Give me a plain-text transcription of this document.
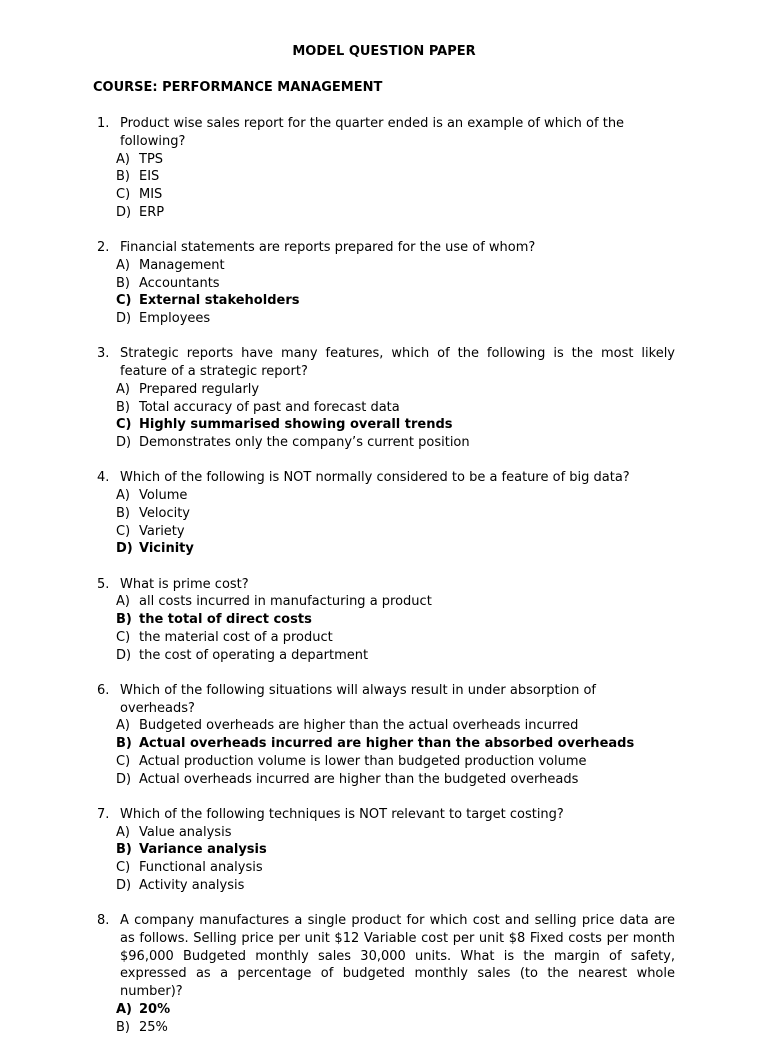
MODEL QUESTION PAPER
COURSE: PERFORMANCE MANAGEMENT
1. Product wise sales report for the quarter ended is an example of which of the following?
A) TPS
B) EIS
C) MIS
D) ERP
2. Financial statements are reports prepared for the use of whom?
A) Management
B) Accountants
C) External stakeholders
D) Employees
3. Strategic reports have many features, which of the following is the most likely feature of a strategic report?
A) Prepared regularly
B) Total accuracy of past and forecast data
C) Highly summarised showing overall trends
D) Demonstrates only the company’s current position
4. Which of the following is NOT normally considered to be a feature of big data?
A) Volume
B) Velocity
C) Variety
D) Vicinity
5. What is prime cost?
A) all costs incurred in manufacturing a product
B) the total of direct costs
C) the material cost of a product
D) the cost of operating a department
6. Which of the following situations will always result in under absorption of overheads?
A) Budgeted overheads are higher than the actual overheads incurred
B) Actual overheads incurred are higher than the absorbed overheads
C) Actual production volume is lower than budgeted production volume
D) Actual overheads incurred are higher than the budgeted overheads
7. Which of the following techniques is NOT relevant to target costing?
A) Value analysis
B) Variance analysis
C) Functional analysis
D) Activity analysis
8. A company manufactures a single product for which cost and selling price data are as follows. Selling price per unit $12 Variable cost per unit $8 Fixed costs per month $96,000 Budgeted monthly sales 30,000 units. What is the margin of safety, expressed as a percentage of budgeted monthly sales (to the nearest whole number)?
A) 20%
B) 25%
